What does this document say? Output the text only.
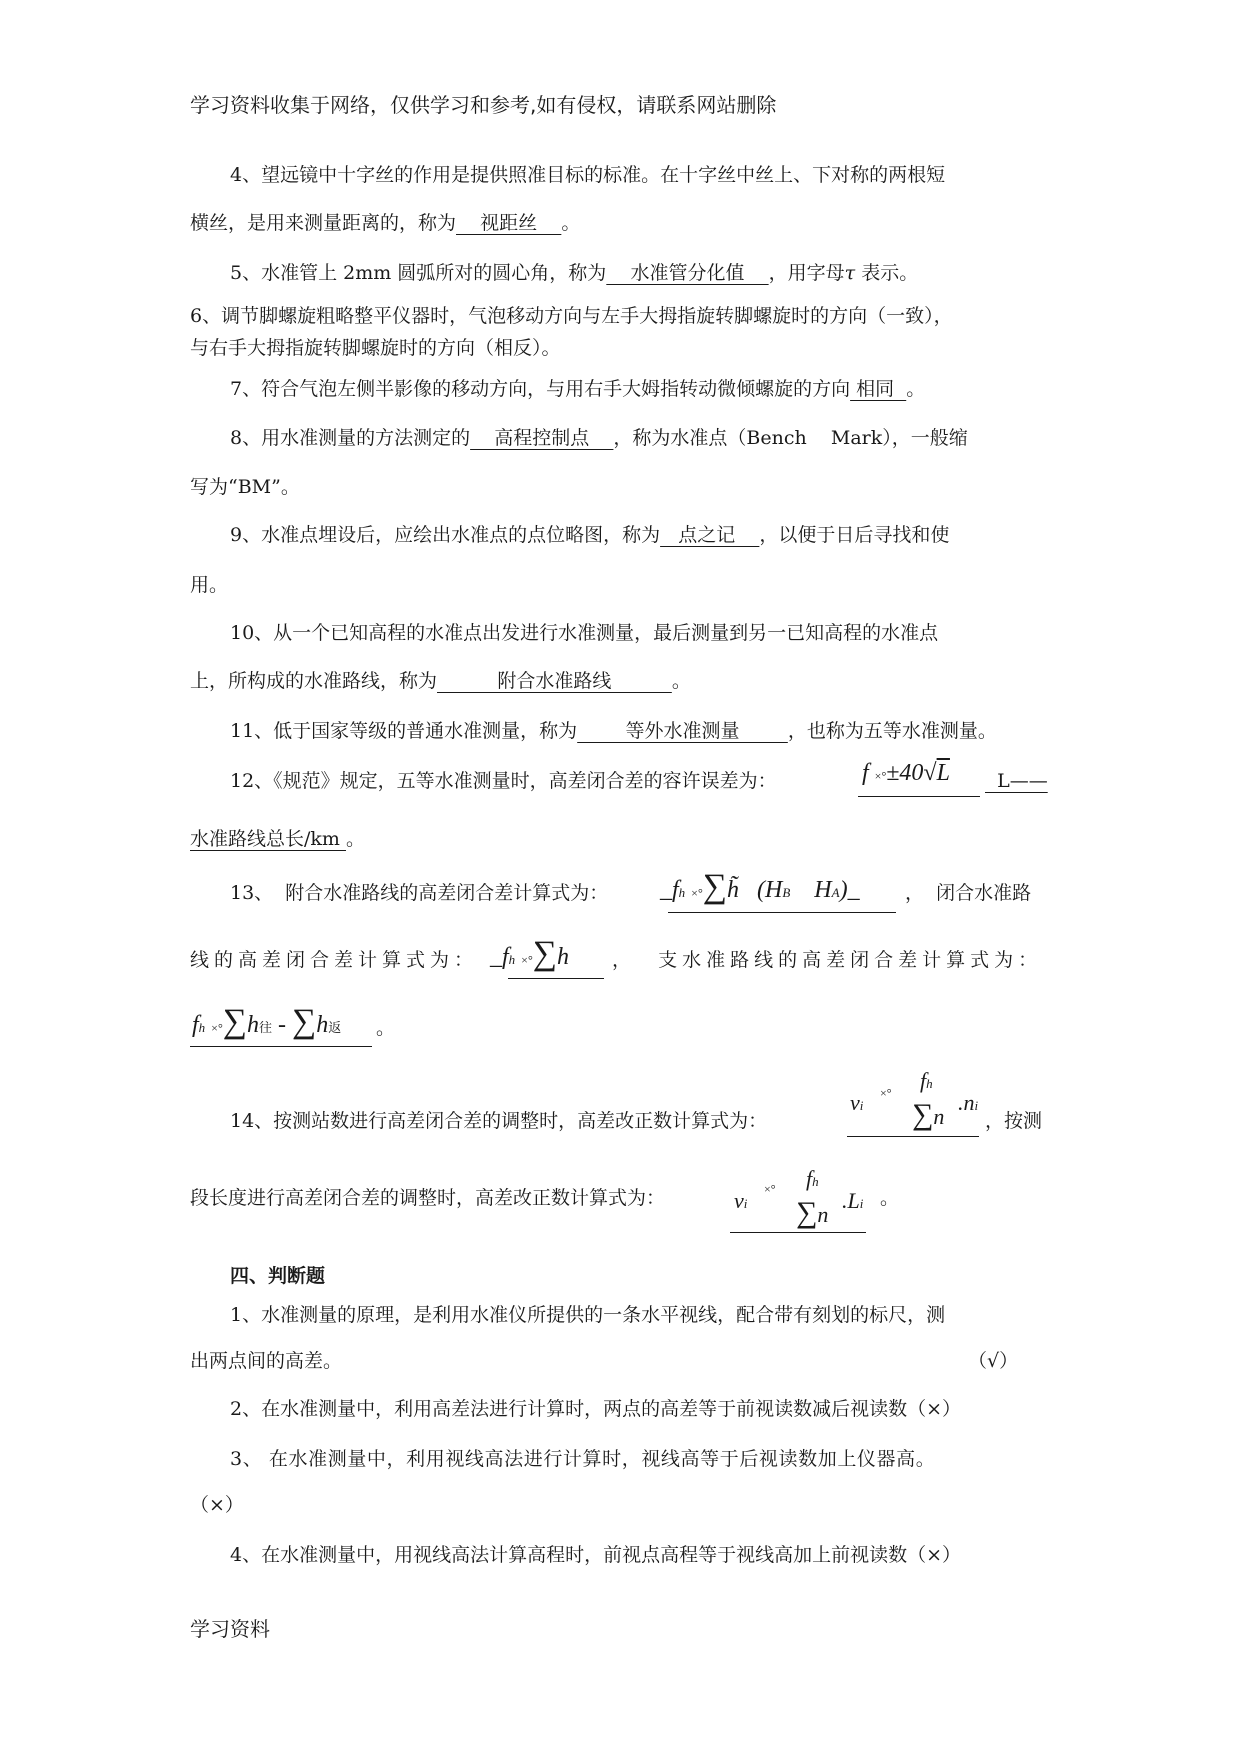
学习资料收集于网络，仅供学习和参考,如有侵权，请联系网站删除
4、望远镜中十字丝的作用是提供照准目标的标准。在十字丝中丝上、下对称的两根短
横丝，是用来测量距离的，称为    视距丝    。
5、水准管上 2mm 圆弧所对的圆心角，称为    水准管分化值    ，用字母τ 表示。
6、调节脚螺旋粗略整平仪器时，气泡移动方向与左手大拇指旋转脚螺旋时的方向（一致），
与右手大拇指旋转脚螺旋时的方向（相反）。
7、符合气泡左侧半影像的移动方向，与用右手大姆指转动微倾螺旋的方向 相同  。
8、用水准测量的方法测定的    高程控制点    ，称为水准点（Bench    Mark），一般缩
写为“BM”。
9、水准点埋设后，应绘出水准点的点位略图，称为   点之记    ，以便于日后寻找和使
用。
10、从一个已知高程的水准点出发进行水准测量，最后测量到另一已知高程的水准点
上，所构成的水准路线，称为          附合水准路线          。
11、低于国家等级的普通水准测量，称为        等外水准测量        ，也称为五等水准测量。
12、《规范》规定，五等水准测量时，高差闭合差的容许误差为：	f ×°±40√L L——
水准路线总长/km 。
13、  附合水准路线的高差闭合差计算式为： _fh ×°∑h̃   (HB    HA)_ ，  闭合水准路
线的高差闭合差计算式为： _fh ×°∑h ，  支水准路线的高差闭合差计算式为：
fh ×°∑h往 - ∑h返 。
14、按测站数进行高差闭合差的调整时，高差改正数计算式为：
vi
×° fh
∑n
.ni
，按测
段长度进行高差闭合差的调整时，高差改正数计算式为：	vi
×° fh
∑n
.Li 。
四、判断题
1、水准测量的原理，是利用水准仪所提供的一条水平视线，配合带有刻划的标尺，测
出两点间的高差。	（√）
2、在水准测量中，利用高差法进行计算时，两点的高差等于前视读数减后视读数（×）
3、 在水准测量中，利用视线高法进行计算时，视线高等于后视读数加上仪器高。
（×）
4、在水准测量中，用视线高法计算高程时，前视点高程等于视线高加上前视读数（×）
学习资料
